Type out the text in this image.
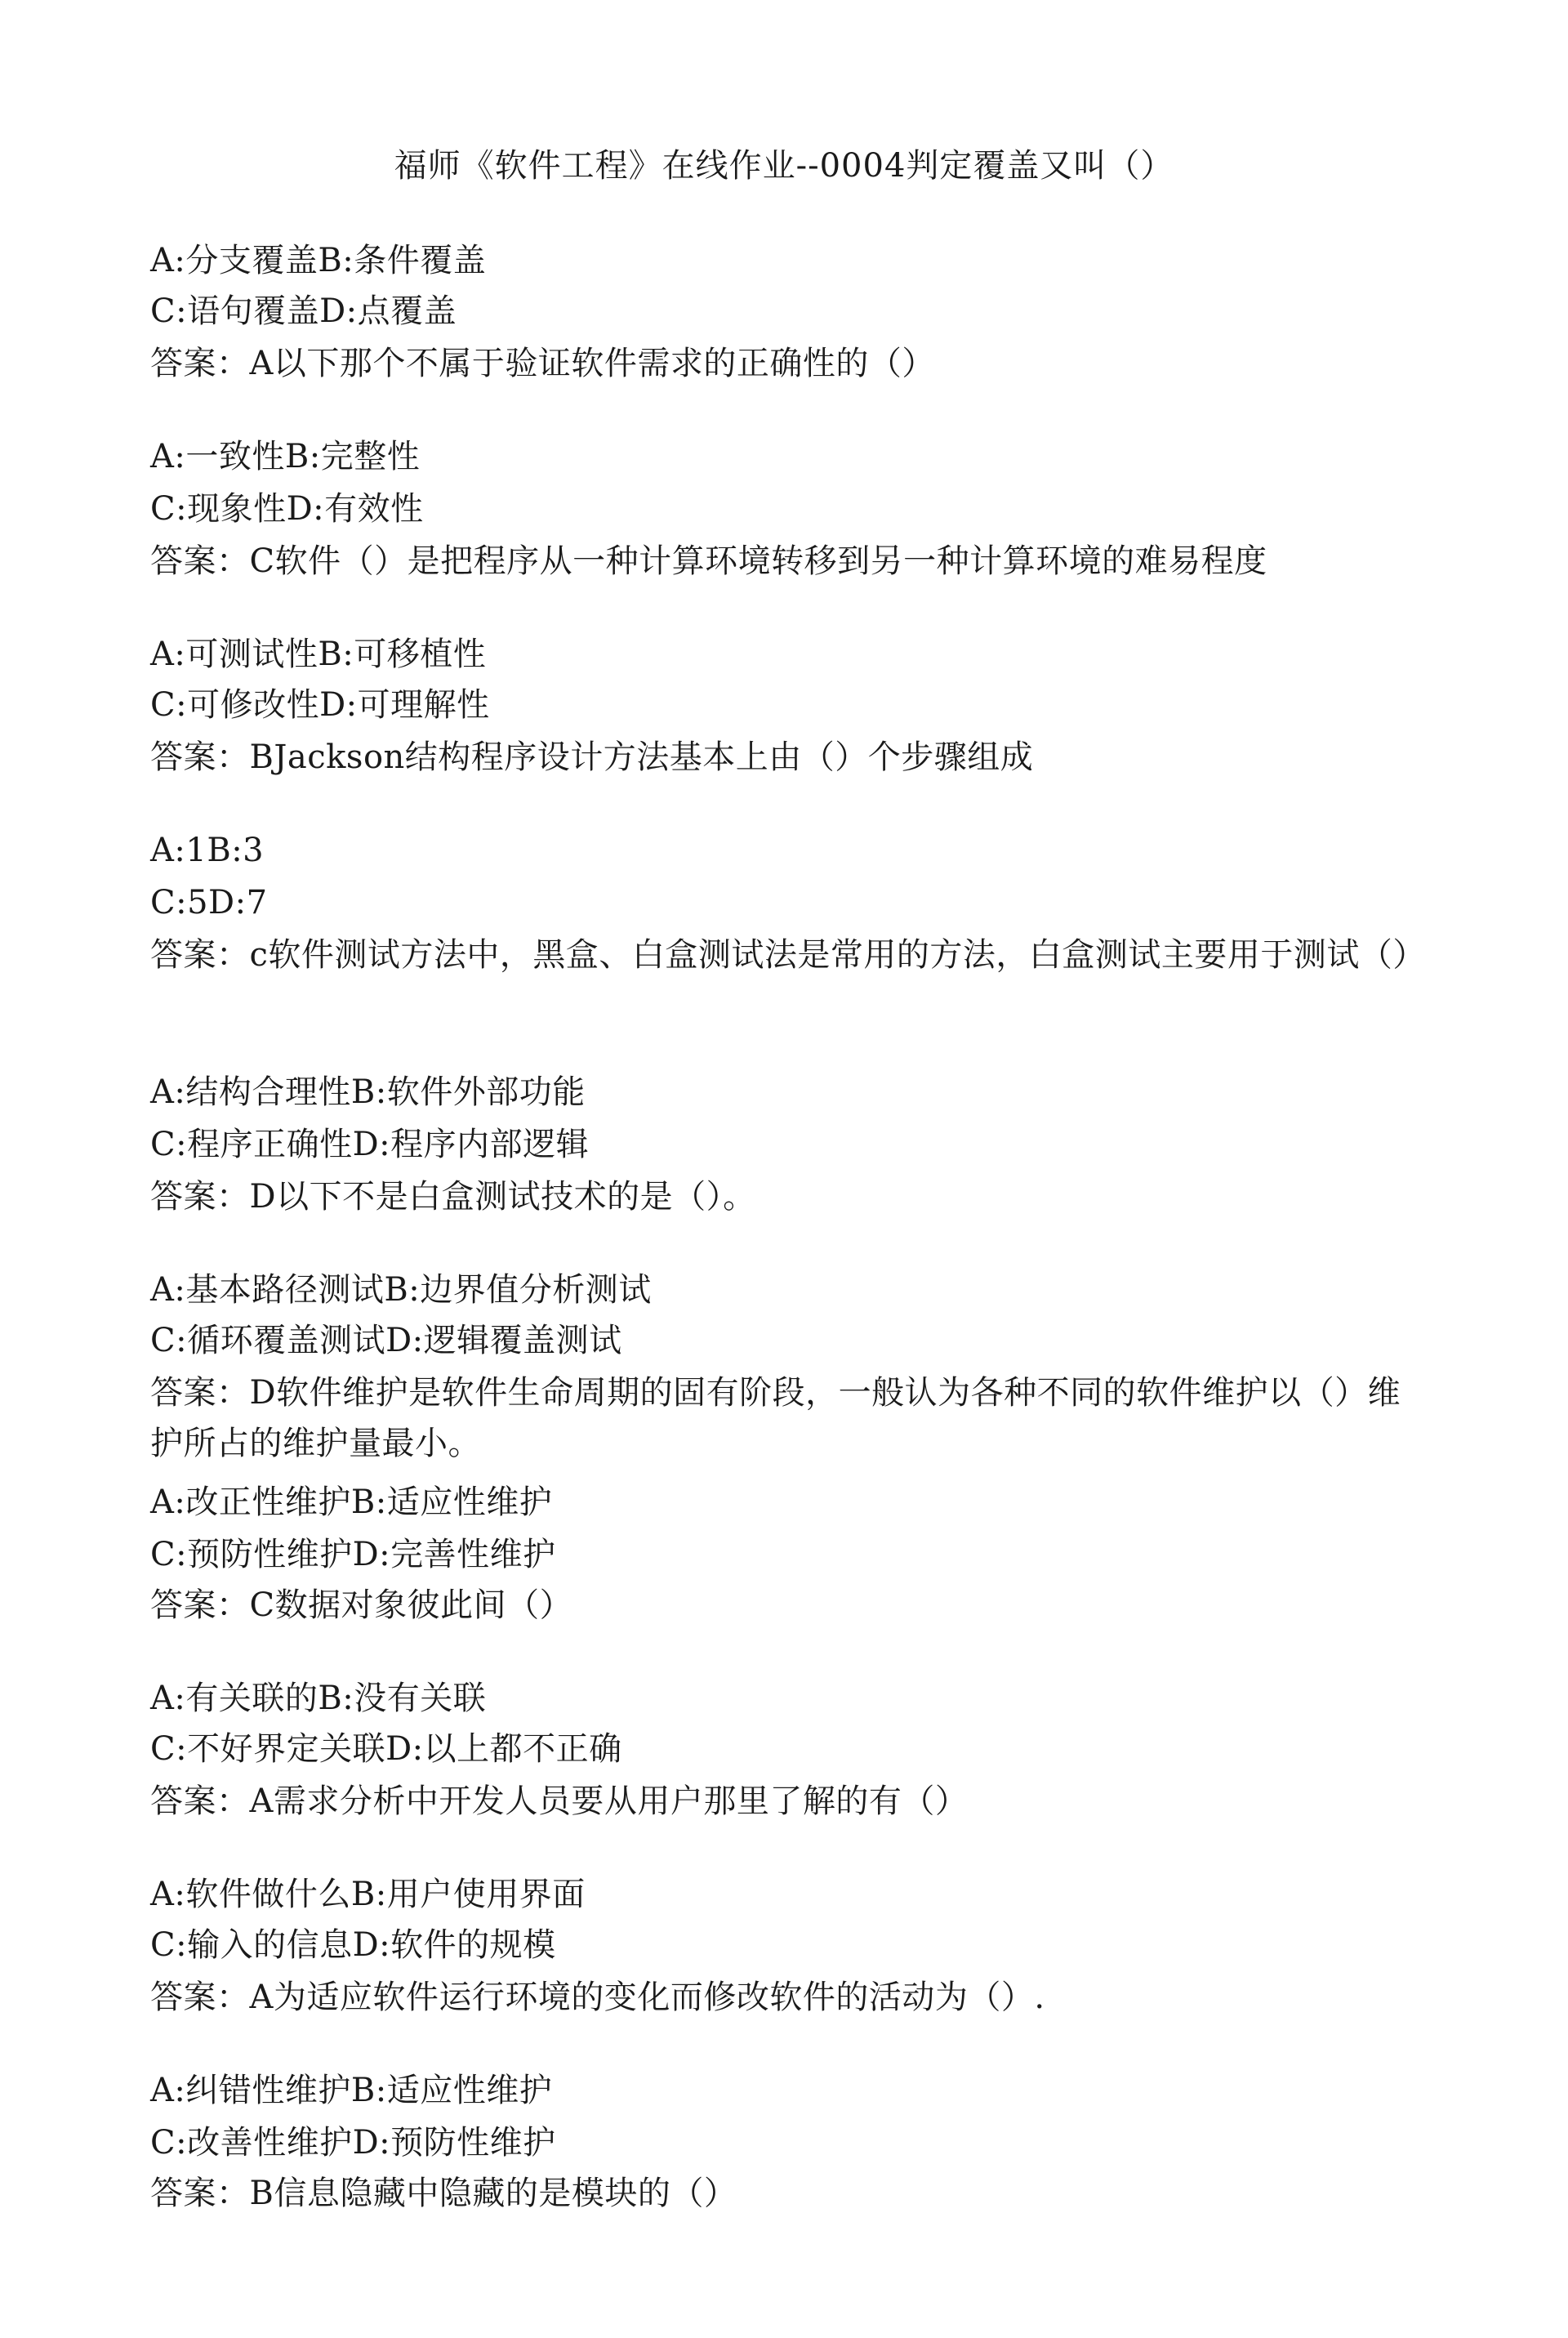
福师《软件工程》在线作业--0004判定覆盖又叫（）
A:分支覆盖B:条件覆盖
C:语句覆盖D:点覆盖
答案：A以下那个不属于验证软件需求的正确性的（）
A:一致性B:完整性
C:现象性D:有效性
答案：C软件（）是把程序从一种计算环境转移到另一种计算环境的难易程度
A:可测试性B:可移植性
C:可修改性D:可理解性
答案：BJackson结构程序设计方法基本上由（）个步骤组成
A:1B:3
C:5D:7
答案：c软件测试方法中，黑盒、白盒测试法是常用的方法，白盒测试主要用于测试（）
A:结构合理性B:软件外部功能
C:程序正确性D:程序内部逻辑
答案：D以下不是白盒测试技术的是（）。
A:基本路径测试B:边界值分析测试
C:循环覆盖测试D:逻辑覆盖测试
答案：D软件维护是软件生命周期的固有阶段，一般认为各种不同的软件维护以（）维护所占的维护量最小。
A:改正性维护B:适应性维护
C:预防性维护D:完善性维护
答案：C数据对象彼此间（）
A:有关联的B:没有关联
C:不好界定关联D:以上都不正确
答案：A需求分析中开发人员要从用户那里了解的有（）
A:软件做什么B:用户使用界面
C:输入的信息D:软件的规模
答案：A为适应软件运行环境的变化而修改软件的活动为（）.
A:纠错性维护B:适应性维护
C:改善性维护D:预防性维护
答案：B信息隐藏中隐藏的是模块的（）
